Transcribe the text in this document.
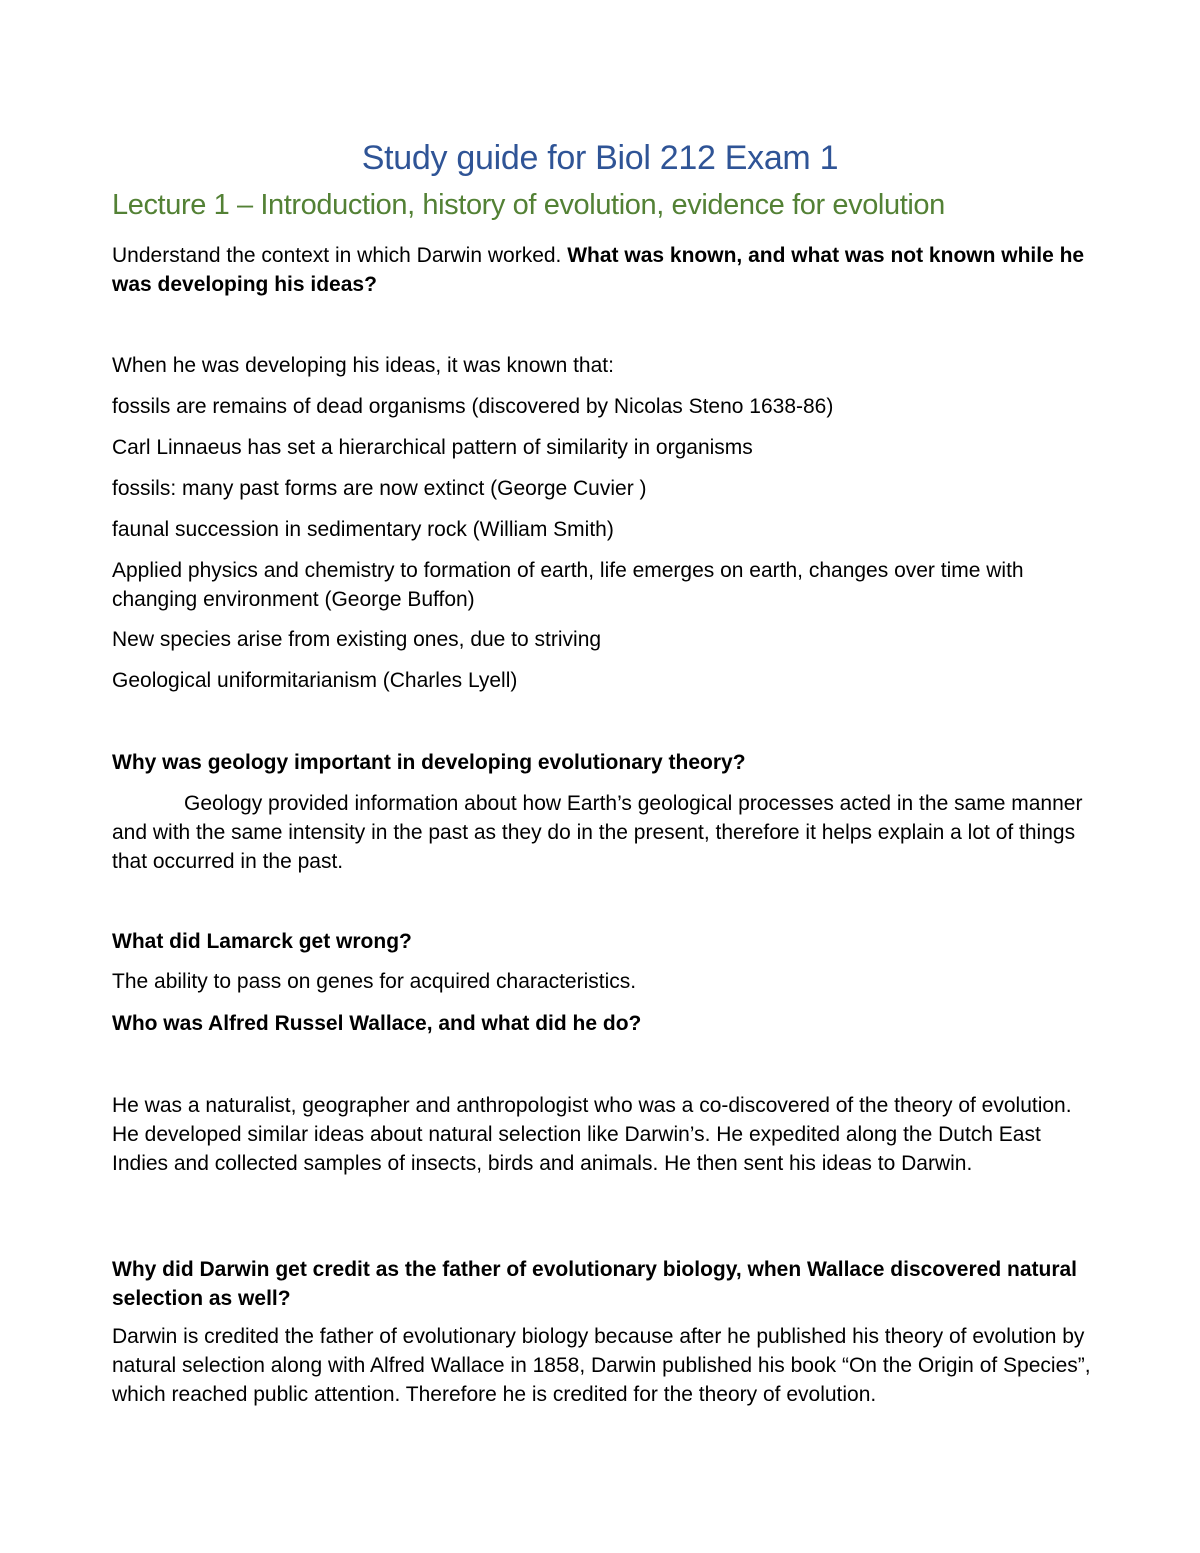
Study guide for Biol 212 Exam 1
Lecture 1 – Introduction, history of evolution, evidence for evolution

Understand the context in which Darwin worked. What was known, and what was not known while he was developing his ideas?

When he was developing his ideas, it was known that:

fossils are remains of dead organisms (discovered by Nicolas Steno 1638-86)

Carl Linnaeus has set a hierarchical pattern of similarity in organisms

fossils: many past forms are now extinct (George Cuvier )

faunal succession in sedimentary rock (William Smith)

Applied physics and chemistry to formation of earth, life emerges on earth, changes over time with changing environment (George Buffon)

New species arise from existing ones, due to striving

Geological uniformitarianism (Charles Lyell)

Why was geology important in developing evolutionary theory?

Geology provided information about how Earth’s geological processes acted in the same manner and with the same intensity in the past as they do in the present, therefore it helps explain a lot of things that occurred in the past.

What did Lamarck get wrong?

The ability to pass on genes for acquired characteristics.

Who was Alfred Russel Wallace, and what did he do?

He was a naturalist, geographer and anthropologist who was a co-discovered of the theory of evolution. He developed similar ideas about natural selection like Darwin’s. He expedited along the Dutch East Indies and collected samples of insects, birds and animals. He then sent his ideas to Darwin.

Why did Darwin get credit as the father of evolutionary biology, when Wallace discovered natural selection as well?

Darwin is credited the father of evolutionary biology because after he published his theory of evolution by natural selection along with Alfred Wallace in 1858, Darwin published his book “On the Origin of Species”, which reached public attention. Therefore he is credited for the theory of evolution.
